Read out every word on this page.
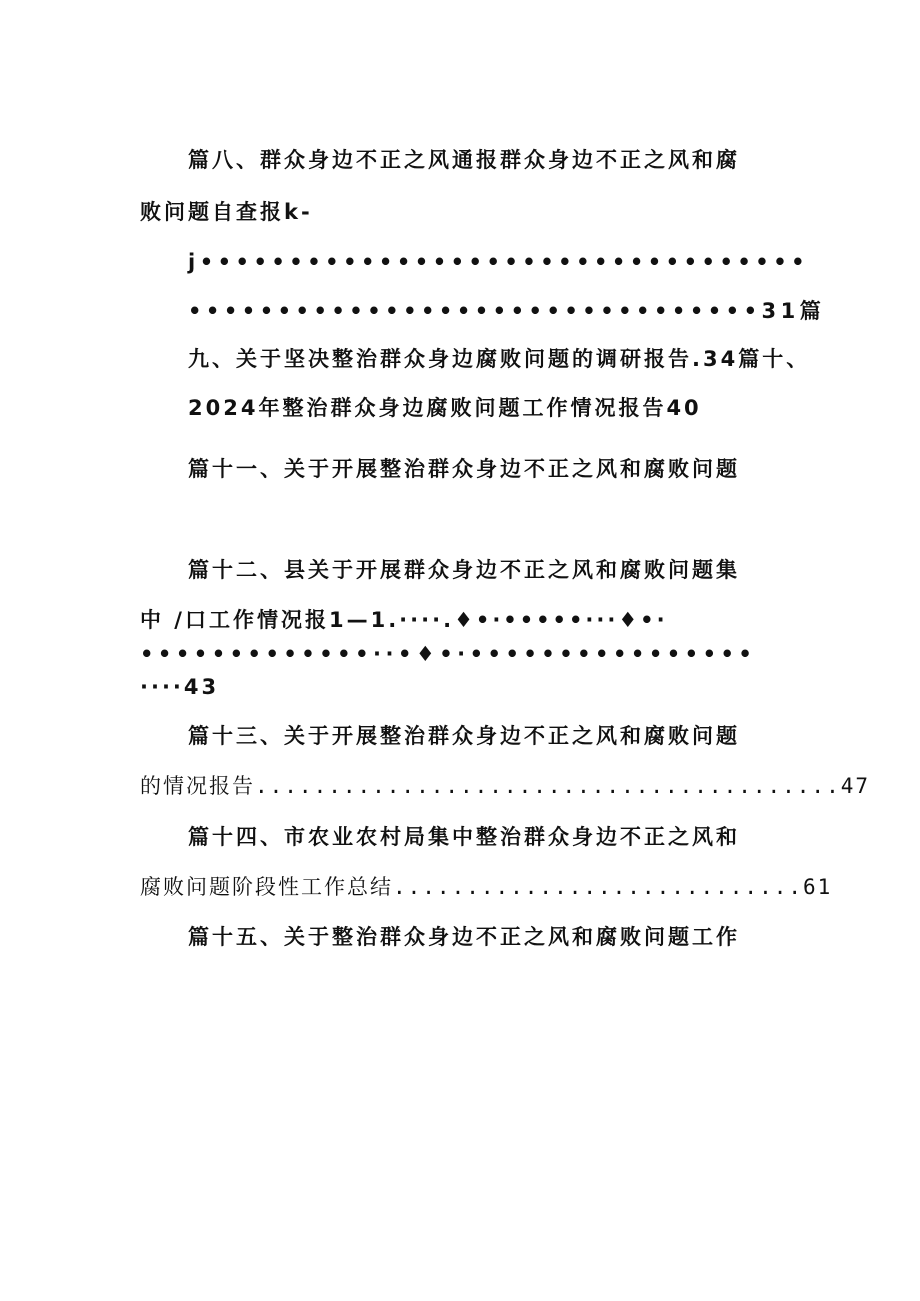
篇八、群众身边不正之风通报群众身边不正之风和腐
败问题自查报k-
j••••••••••••••••••••••••••••••••••
••••••••••••••••••••••••••••••••31篇
九、关于坚决整治群众身边腐败问题的调研报告.34篇十、
2024年整治群众身边腐败问题工作情况报告40
篇十一、关于开展整治群众身边不正之风和腐败问题
篇十二、县关于开展群众身边不正之风和腐败问题集
中 /口工作情况报1—1.····.♦•·•••••···♦•·
•••••••••••••··•♦•·••••••••••••••••
····43
篇十三、关于开展整治群众身边不正之风和腐败问题
的情况报告........................................47
篇十四、市农业农村局集中整治群众身边不正之风和
腐败问题阶段性工作总结............................61
篇十五、关于整治群众身边不正之风和腐败问题工作
